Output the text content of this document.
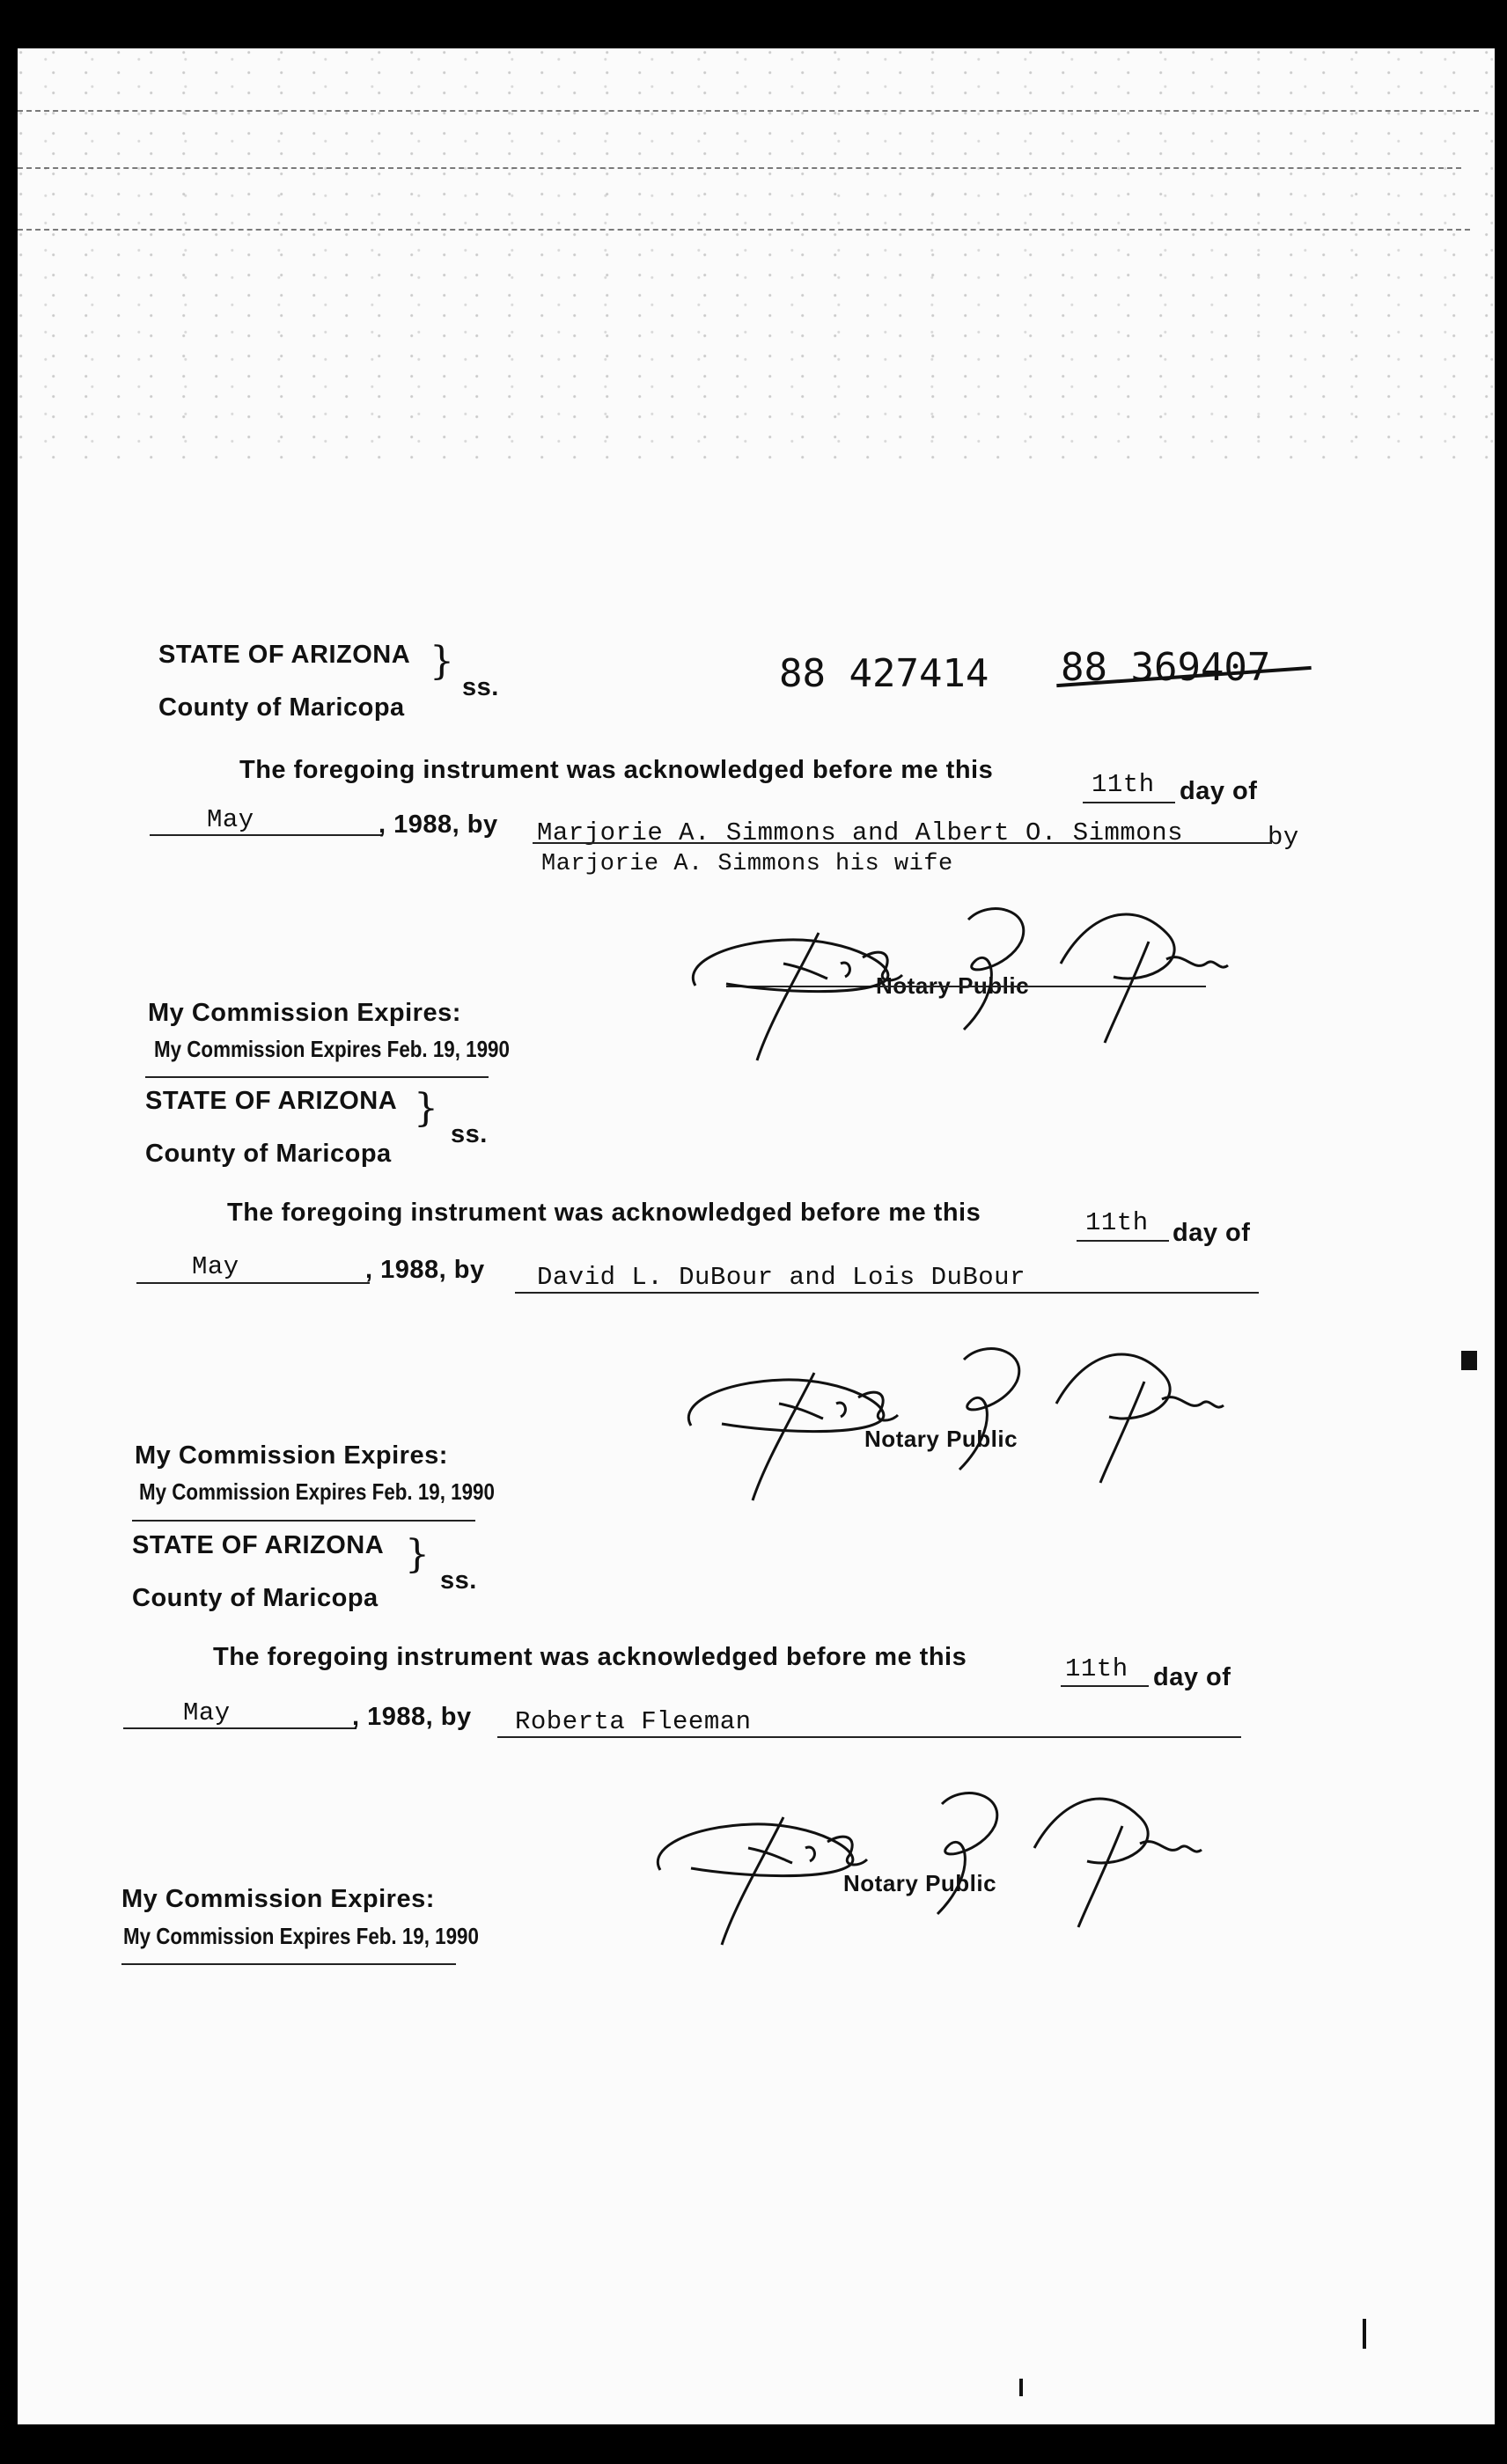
88 427414 88 369407
STATE OF ARIZONA
County of Maricopa
}
ss.
The foregoing instrument was acknowledged before me this	11th day of
May	, 1988, by Marjorie A. Simmons and Albert O. Simmons	by
Marjorie A. Simmons his wife
Notary Public
My Commission Expires:
My Commission Expires Feb. 19, 1990
STATE OF ARIZONA
County of Maricopa
}
ss.
The foregoing instrument was acknowledged before me this	11th day of
May	, 1988, by David L. DuBour and Lois DuBour
Notary Public
My Commission Expires:
My Commission Expires Feb. 19, 1990
STATE OF ARIZONA
County of Maricopa
}
ss.
The foregoing instrument was acknowledged before me this	11th day of
May	, 1988, by Roberta Fleeman
Notary Public
My Commission Expires:
My Commission Expires Feb. 19, 1990
